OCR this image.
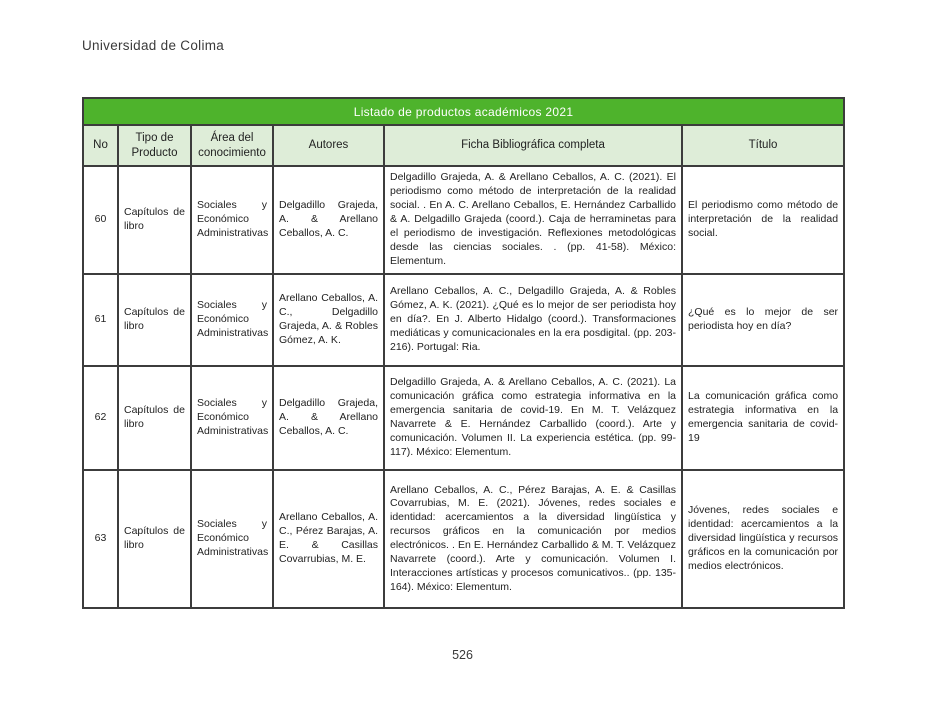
Universidad de Colima
Listado de productos académicos 2021					
No	Tipo de Producto	Área del conocimiento	Autores	Ficha Bibliográfica completa	Título
60	Capítulos de libro	Sociales y Económico Administrativas	Delgadillo Grajeda, A. & Arellano Ceballos, A. C.	Delgadillo Grajeda, A. & Arellano Ceballos, A. C. (2021). El periodismo como método de interpretación de la realidad social. . En A. C. Arellano Ceballos, E. Hernández Carballido & A. Delgadillo Grajeda (coord.). Caja de herraminetas para el periodismo de investigación. Reflexiones metodológicas desde las ciencias sociales. . (pp. 41-58). México: Elementum.	El periodismo como método de interpretación de la realidad social.
61	Capítulos de libro	Sociales y Económico Administrativas	Arellano Ceballos, A. C., Delgadillo Grajeda, A. & Robles Gómez, A. K.	Arellano Ceballos, A. C., Delgadillo Grajeda, A. & Robles Gómez, A. K. (2021). ¿Qué es lo mejor de ser periodista hoy en día?. En J. Alberto Hidalgo (coord.). Transformaciones mediáticas y comunicacionales en la era posdigital. (pp. 203-216). Portugal: Ria.	¿Qué es lo mejor de ser periodista hoy en día?
62	Capítulos de libro	Sociales y Económico Administrativas	Delgadillo Grajeda, A. & Arellano Ceballos, A. C.	Delgadillo Grajeda, A. & Arellano Ceballos, A. C. (2021). La comunicación gráfica como estrategia informativa en la emergencia sanitaria de covid-19. En M. T. Velázquez Navarrete & E. Hernández Carballido (coord.). Arte y comunicación. Volumen II. La experiencia estética. (pp. 99-117). México: Elementum.	La comunicación gráfica como estrategia informativa en la emergencia sanitaria de covid-19
63	Capítulos de libro	Sociales y Económico Administrativas	Arellano Ceballos, A. C., Pérez Barajas, A. E. & Casillas Covarrubias, M. E.	Arellano Ceballos, A. C., Pérez Barajas, A. E. & Casillas Covarrubias, M. E. (2021). Jóvenes, redes sociales e identidad: acercamientos a la diversidad lingüística y recursos gráficos en la comunicación por medios electrónicos. . En E. Hernández Carballido & M. T. Velázquez Navarrete (coord.). Arte y comunicación. Volumen I. Interacciones artísticas y procesos comunicativos.. (pp. 135-164). México: Elementum.	Jóvenes, redes sociales e identidad: acercamientos a la diversidad lingüística y recursos gráficos en la comunicación por medios electrónicos.
526
